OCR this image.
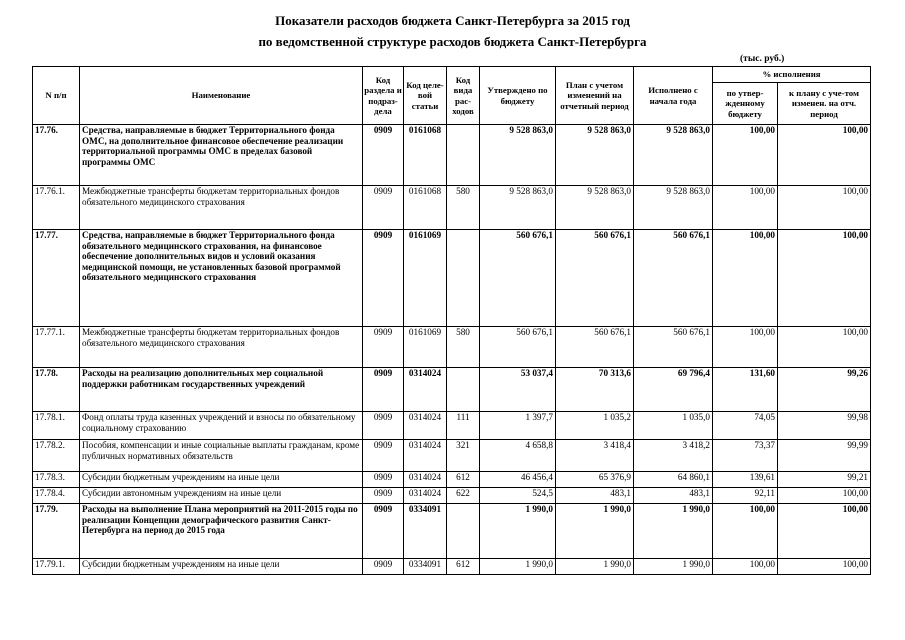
Показатели расходов бюджета Санкт-Петербурга за 2015 год
по ведомственной структуре расходов бюджета Санкт-Петербурга
(тыс. руб.)
N п/п	Наименование	Код раздела и подраз-дела	Код целе-вой статьи	Код вида рас-ходов	Утверждено по бюджету	План с учетом изменений на отчетный период	Исполнено с начала года	% исполнения	
								по утвер-жденному бюджету	к плану с уче-том изменен. на отч. период
17.76.	Средства, направляемые в бюджет Территориального фонда ОМС, на дополнительное финансовое обеспечение реализации территориальной программы ОМС в пределах базовой программы ОМС	0909	0161068		9 528 863,0	9 528 863,0	9 528 863,0	100,00	100,00
17.76.1.	Межбюджетные трансферты бюджетам территориальных фондов обязательного медицинского страхования	0909	0161068	580	9 528 863,0	9 528 863,0	9 528 863,0	100,00	100,00
17.77.	Средства, направляемые в бюджет Территориального фонда обязательного медицинского страхования, на финансовое обеспечение дополнительных видов и условий оказания медицинской помощи, не установленных базовой программой обязательного медицинского страхования	0909	0161069		560 676,1	560 676,1	560 676,1	100,00	100,00
17.77.1.	Межбюджетные трансферты бюджетам территориальных фондов обязательного медицинского страхования	0909	0161069	580	560 676,1	560 676,1	560 676,1	100,00	100,00
17.78.	Расходы на реализацию дополнительных мер социальной поддержки работникам государственных учреждений	0909	0314024		53 037,4	70 313,6	69 796,4	131,60	99,26
17.78.1.	Фонд оплаты труда казенных учреждений и взносы по обязательному социальному страхованию	0909	0314024	111	1 397,7	1 035,2	1 035,0	74,05	99,98
17.78.2.	Пособия, компенсации и иные социальные выплаты гражданам, кроме публичных нормативных обязательств	0909	0314024	321	4 658,8	3 418,4	3 418,2	73,37	99,99
17.78.3.	Субсидии бюджетным учреждениям на иные цели	0909	0314024	612	46 456,4	65 376,9	64 860,1	139,61	99,21
17.78.4.	Субсидии автономным учреждениям на иные цели	0909	0314024	622	524,5	483,1	483,1	92,11	100,00
17.79.	Расходы на выполнение Плана мероприятий на 2011-2015 годы по реализации Концепции демографического развития Санкт-Петербурга на период до 2015 года	0909	0334091		1 990,0	1 990,0	1 990,0	100,00	100,00
17.79.1.	Субсидии бюджетным учреждениям на иные цели	0909	0334091	612	1 990,0	1 990,0	1 990,0	100,00	100,00
